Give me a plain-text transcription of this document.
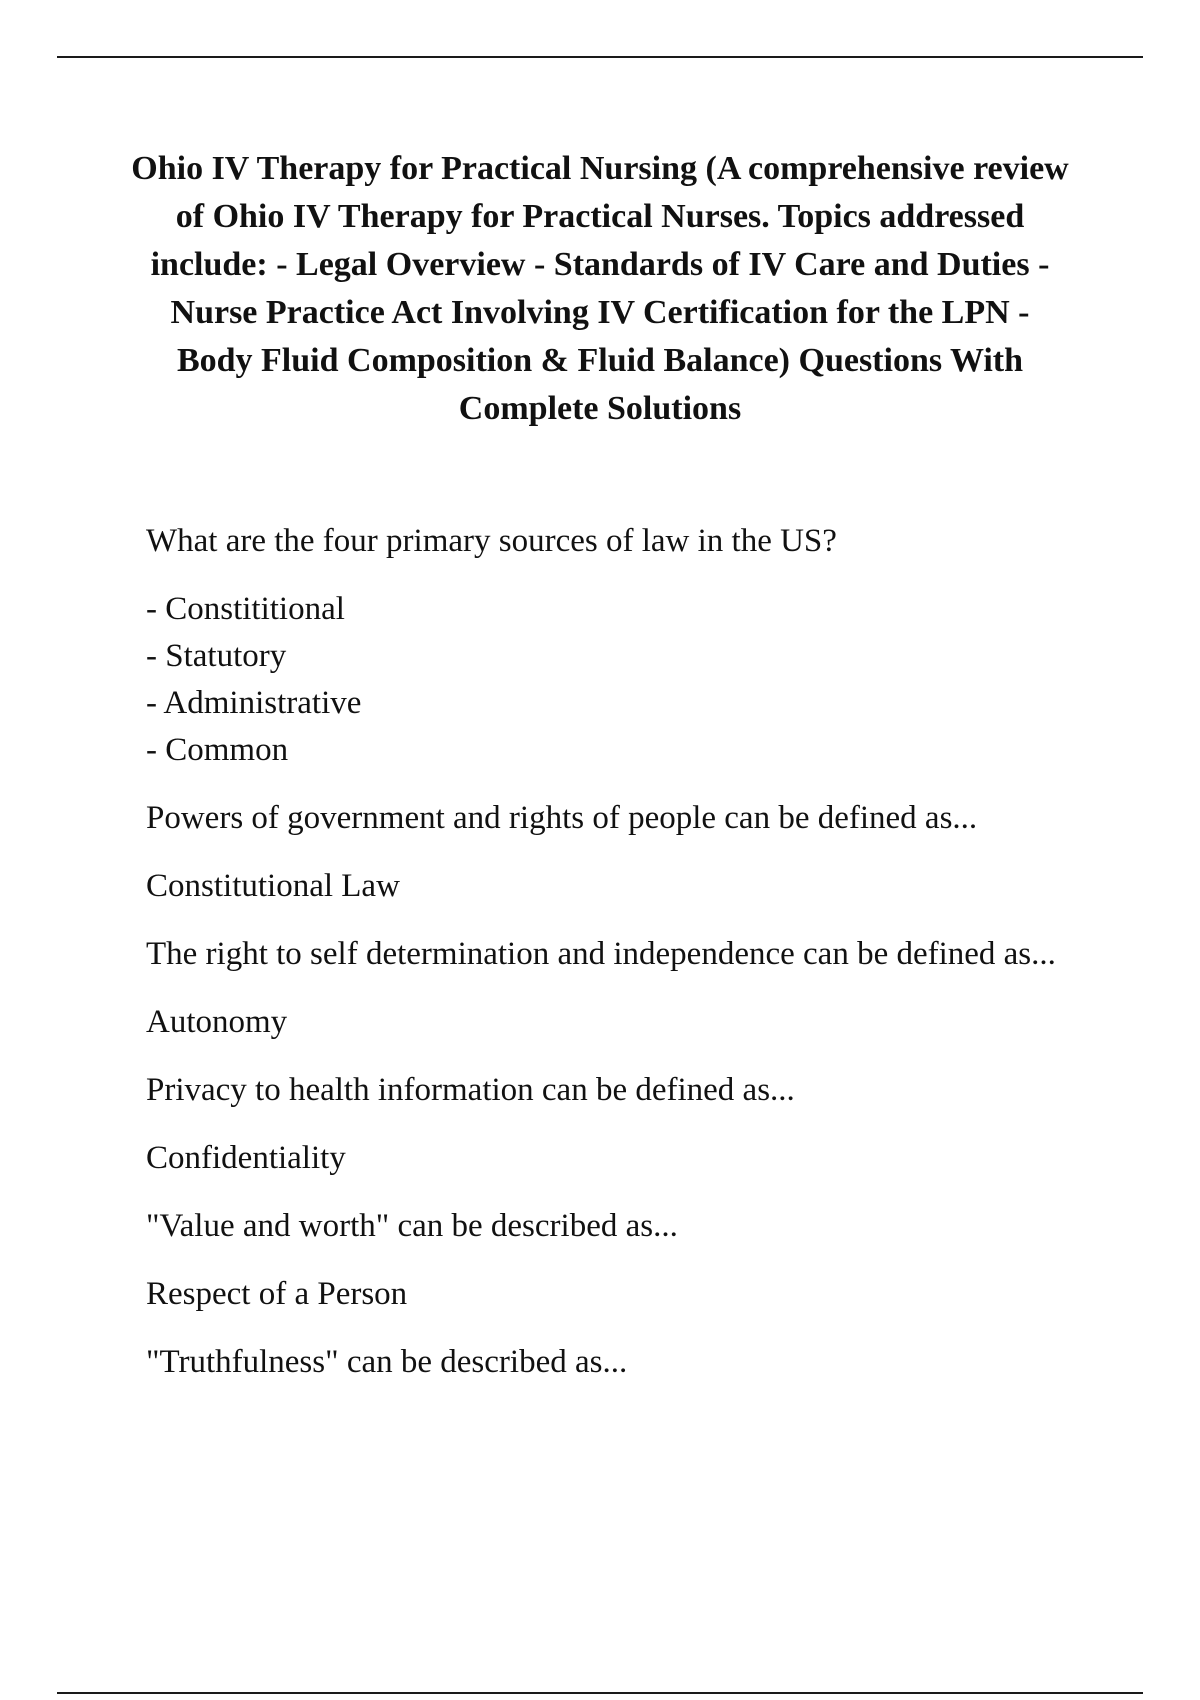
Ohio IV Therapy for Practical Nursing (A comprehensive review of Ohio IV Therapy for Practical Nurses. Topics addressed include: - Legal Overview - Standards of IV Care and Duties - Nurse Practice Act Involving IV Certification for the LPN - Body Fluid Composition & Fluid Balance) Questions With Complete Solutions

What are the four primary sources of law in the US?

- Constititional
- Statutory
- Administrative
- Common

Powers of government and rights of people can be defined as...

Constitutional Law

The right to self determination and independence can be defined as...

Autonomy

Privacy to health information can be defined as...

Confidentiality

"Value and worth" can be described as...

Respect of a Person

"Truthfulness" can be described as...
